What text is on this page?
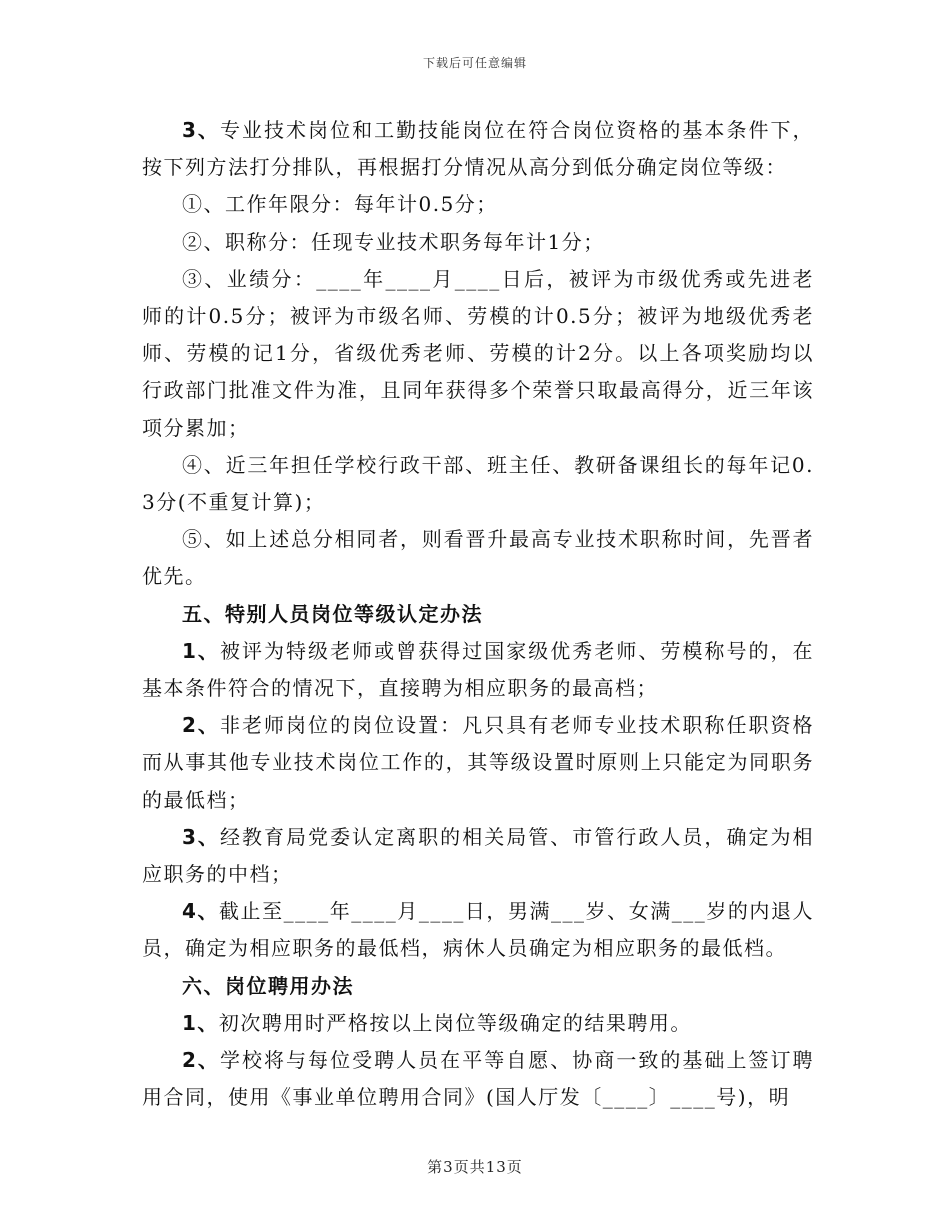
下载后可任意编辑

3、专业技术岗位和工勤技能岗位在符合岗位资格的基本条件下，按下列方法打分排队，再根据打分情况从高分到低分确定岗位等级：

①、工作年限分：每年计0.5分；

②、职称分：任现专业技术职务每年计1分；

③、业绩分：____年____月____日后，被评为市级优秀或先进老师的计0.5分；被评为市级名师、劳模的计0.5分；被评为地级优秀老师、劳模的记1分，省级优秀老师、劳模的计2分。以上各项奖励均以行政部门批准文件为准，且同年获得多个荣誉只取最高得分，近三年该项分累加；

④、近三年担任学校行政干部、班主任、教研备课组长的每年记0.3分(不重复计算)；

⑤、如上述总分相同者，则看晋升最高专业技术职称时间，先晋者优先。

五、特别人员岗位等级认定办法

1、被评为特级老师或曾获得过国家级优秀老师、劳模称号的，在基本条件符合的情况下，直接聘为相应职务的最高档；

2、非老师岗位的岗位设置：凡只具有老师专业技术职称任职资格而从事其他专业技术岗位工作的，其等级设置时原则上只能定为同职务的最低档；

3、经教育局党委认定离职的相关局管、市管行政人员，确定为相应职务的中档；

4、截止至____年____月____日，男满___岁、女满___岁的内退人员，确定为相应职务的最低档，病休人员确定为相应职务的最低档。

六、岗位聘用办法

1、初次聘用时严格按以上岗位等级确定的结果聘用。

2、学校将与每位受聘人员在平等自愿、协商一致的基础上签订聘用合同，使用《事业单位聘用合同》(国人厅发〔____〕____号)，明

第3页共13页
